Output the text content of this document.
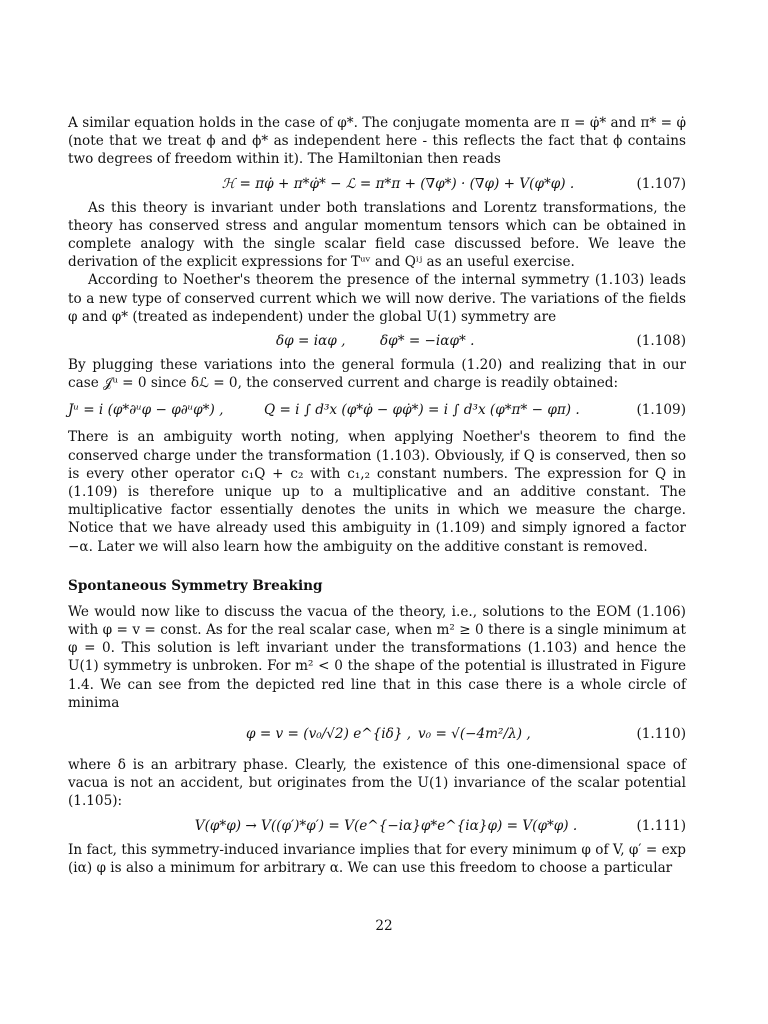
A similar equation holds in the case of φ*. The conjugate momenta are π = φ̇* and π* = φ̇ (note that we treat ϕ and ϕ* as independent here - this reflects the fact that ϕ contains two degrees of freedom within it). The Hamiltonian then reads

ℋ = πφ̇ + π*φ̇* − ℒ = π*π + (∇φ*) · (∇φ) + V(φ*φ) .	(1.107)

As this theory is invariant under both translations and Lorentz transformations, the theory has conserved stress and angular momentum tensors which can be obtained in complete analogy with the single scalar field case discussed before. We leave the derivation of the explicit expressions for Tᵘᵛ and Qⁱʲ as an useful exercise.

According to Noether's theorem the presence of the internal symmetry (1.103) leads to a new type of conserved current which we will now derive. The variations of the fields φ and φ* (treated as independent) under the global U(1) symmetry are

δφ = iαφ ,	δφ* = −iαφ* .	(1.108)

By plugging these variations into the general formula (1.20) and realizing that in our case 𝒥ᵘ = 0 since δℒ = 0, the conserved current and charge is readily obtained:

Jᵘ = i (φ*∂ᵘφ − φ∂ᵘφ*) ,	Q = i ∫ d³x (φ*φ̇ − φφ̇*) = i ∫ d³x (φ*π* − φπ) .	(1.109)

There is an ambiguity worth noting, when applying Noether's theorem to find the conserved charge under the transformation (1.103). Obviously, if Q is conserved, then so is every other operator c₁Q + c₂ with c₁,₂ constant numbers. The expression for Q in (1.109) is therefore unique up to a multiplicative and an additive constant. The multiplicative factor essentially denotes the units in which we measure the charge. Notice that we have already used this ambiguity in (1.109) and simply ignored a factor −α. Later we will also learn how the ambiguity on the additive constant is removed.

Spontaneous Symmetry Breaking

We would now like to discuss the vacua of the theory, i.e., solutions to the EOM (1.106) with φ = v = const. As for the real scalar case, when m² ≥ 0 there is a single minimum at φ = 0. This solution is left invariant under the transformations (1.103) and hence the U(1) symmetry is unbroken. For m² < 0 the shape of the potential is illustrated in Figure 1.4. We can see from the depicted red line that in this case there is a whole circle of minima

φ = v = (v₀/√2) e^{iδ} , v₀ = √(−4m²/λ) ,	(1.110)

where δ is an arbitrary phase. Clearly, the existence of this one-dimensional space of vacua is not an accident, but originates from the U(1) invariance of the scalar potential (1.105):

V(φ*φ) → V((φ′)*φ′) = V(e^{−iα}φ*e^{iα}φ) = V(φ*φ) .	(1.111)

In fact, this symmetry-induced invariance implies that for every minimum φ of V, φ′ = exp (iα) φ is also a minimum for arbitrary α. We can use this freedom to choose a particular

22
